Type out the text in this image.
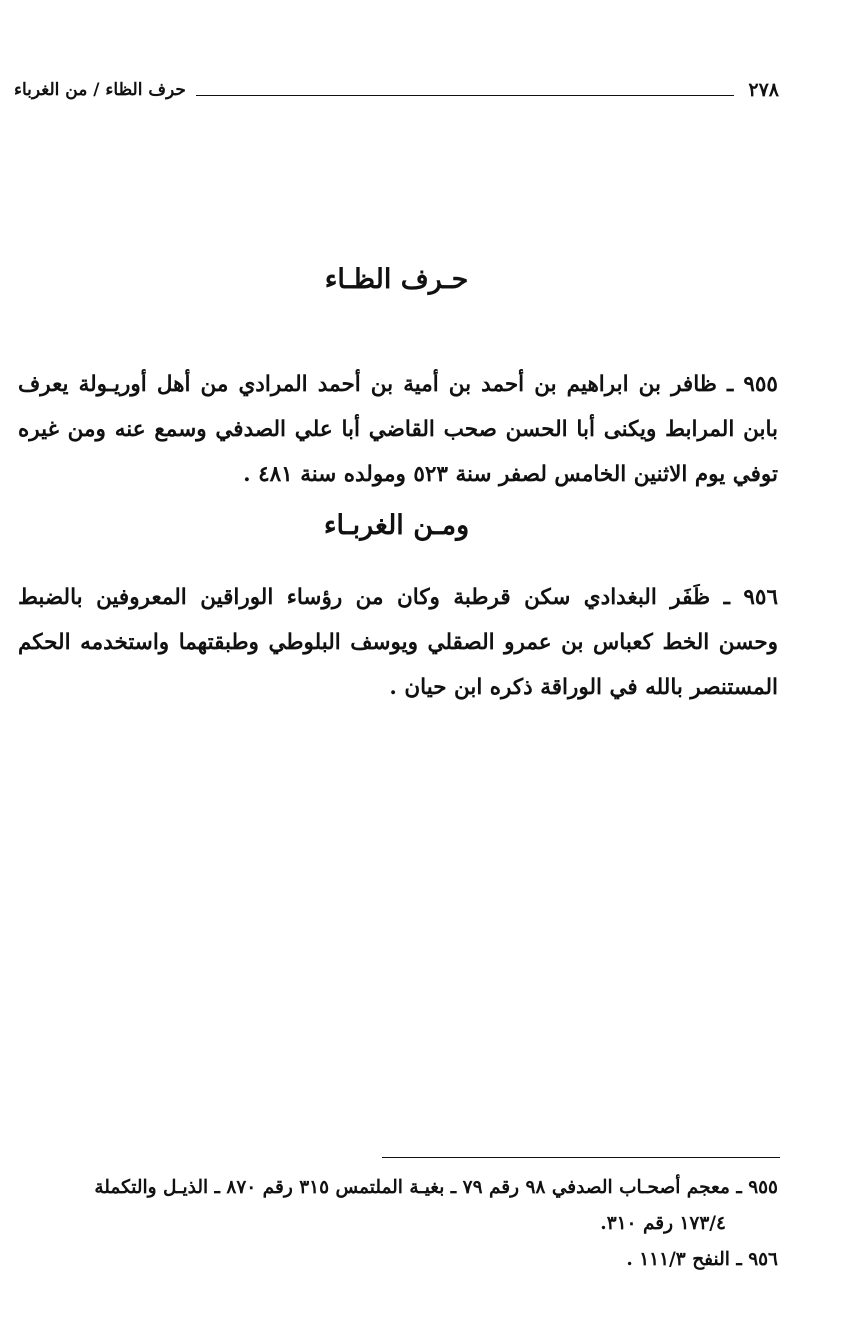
٢٧٨
حرف الظاء / من الغرباء
حـرف الظـاء
٩٥٥ ـ ظافر بن ابراهيم بن أحمد بن أمية بن أحمد المرادي من أهل أوريـولة يعرف بابن المرابط ويكنى أبا الحسن صحب القاضي أبا علي الصدفي وسمع عنه ومن غيره توفي يوم الاثنين الخامس لصفر سنة ٥٢٣ ومولده سنة ٤٨١ .
ومـن الغربـاء
٩٥٦ ـ ظَفَر البغدادي سكن قرطبة وكان من رؤساء الوراقين المعروفين بالضبط وحسن الخط كعباس بن عمرو الصقلي ويوسف البلوطي وطبقتهما واستخدمه الحكم المستنصر بالله في الوراقة ذكره ابن حيان .
٩٥٥ ـ معجم أصحـاب الصدفي ٩٨ رقم ٧٩ ـ بغيـة الملتمس ٣١٥ رقم ٨٧٠ ـ الذيـل والتكملة
١٧٣/٤ رقم ٣١٠.
٩٥٦ ـ النفح ١١١/٣ .
